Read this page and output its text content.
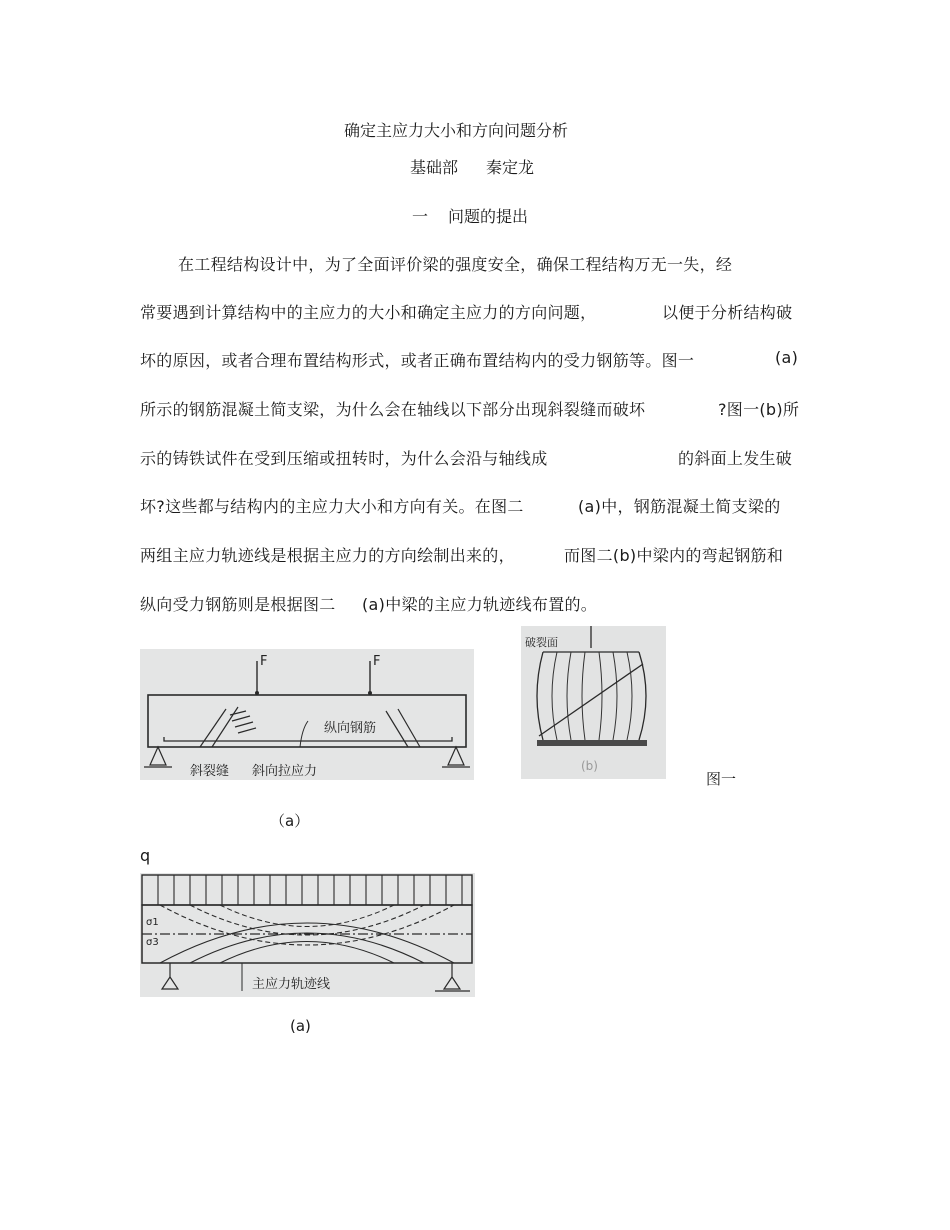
确定主应力大小和方向问题分析
基础部 秦定龙
一 问题的提出
在工程结构设计中，为了全面评价梁的强度安全，确保工程结构万无一失，经
常要遇到计算结构中的主应力的大小和确定主应力的方向问题，	以便于分析结构破
坏的原因，或者合理布置结构形式，或者正确布置结构内的受力钢筋等。图一	(a)
所示的钢筋混凝土简支梁，为什么会在轴线以下部分出现斜裂缝而破坏	?图一(b)所
示的铸铁试件在受到压缩或扭转时，为什么会沿与轴线成	的斜面上发生破
坏?这些都与结构内的主应力大小和方向有关。在图二	(a)中，钢筋混凝土简支梁的
两组主应力轨迹线是根据主应力的方向绘制出来的，	而图二(b)中梁内的弯起钢筋和
纵向受力钢筋则是根据图二 (a)中梁的主应力轨迹线布置的。
F	F
纵向钢筋
斜裂缝 斜向拉应力
破裂面
(b)
图一
（a）
q
σ1
σ3
主应力轨迹线
(a)
